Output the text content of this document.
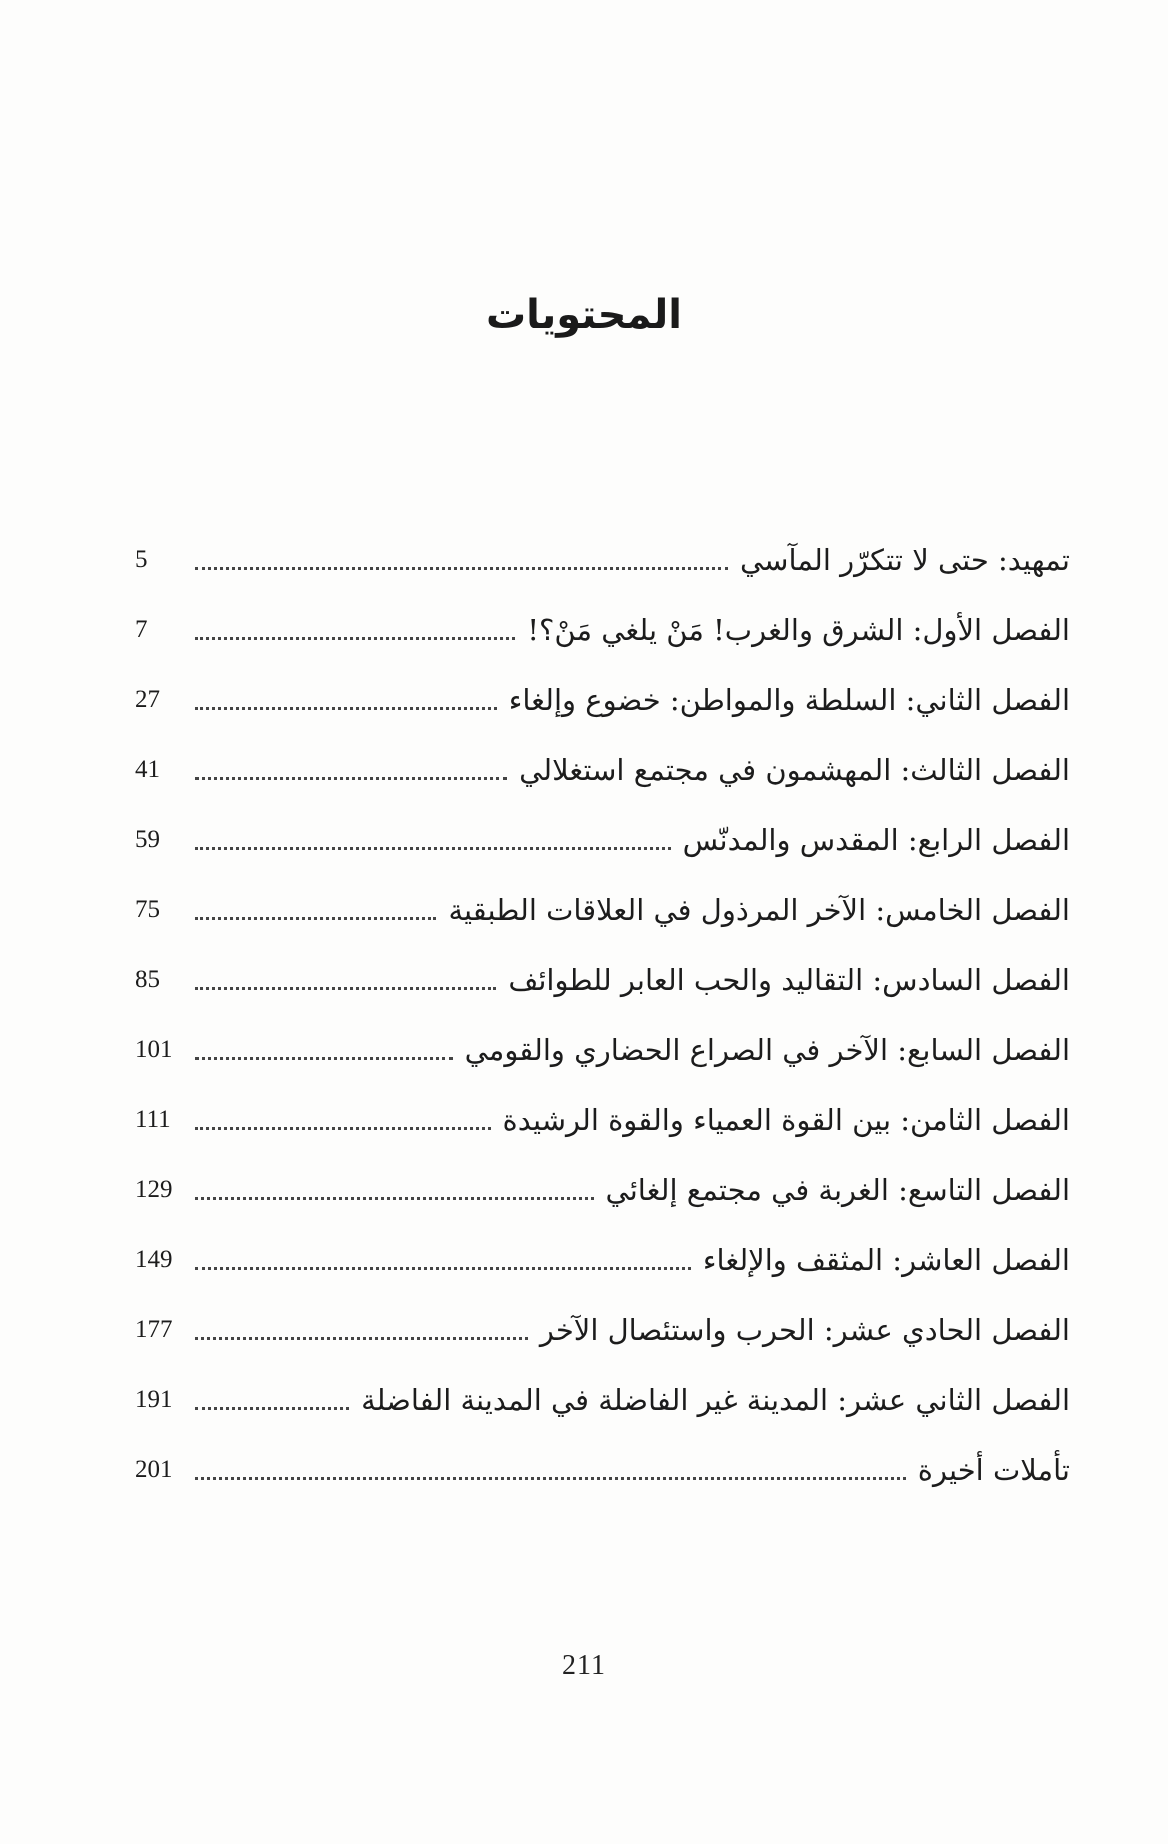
المحتويات
تمهيد: حتى لا تتكرّر المآسي
5
الفصل الأول: الشرق والغرب! مَنْ يلغي مَنْ؟!
7
الفصل الثاني: السلطة والمواطن: خضوع وإلغاء
27
الفصل الثالث: المهشمون في مجتمع استغلالي
41
الفصل الرابع: المقدس والمدنّس
59
الفصل الخامس: الآخر المرذول في العلاقات الطبقية
75
الفصل السادس: التقاليد والحب العابر للطوائف
85
الفصل السابع: الآخر في الصراع الحضاري والقومي
101
الفصل الثامن: بين القوة العمياء والقوة الرشيدة
111
الفصل التاسع: الغربة في مجتمع إلغائي
129
الفصل العاشر: المثقف والإلغاء
149
الفصل الحادي عشر: الحرب واستئصال الآخر
177
الفصل الثاني عشر: المدينة غير الفاضلة في المدينة الفاضلة
191
تأملات أخيرة
201
211
